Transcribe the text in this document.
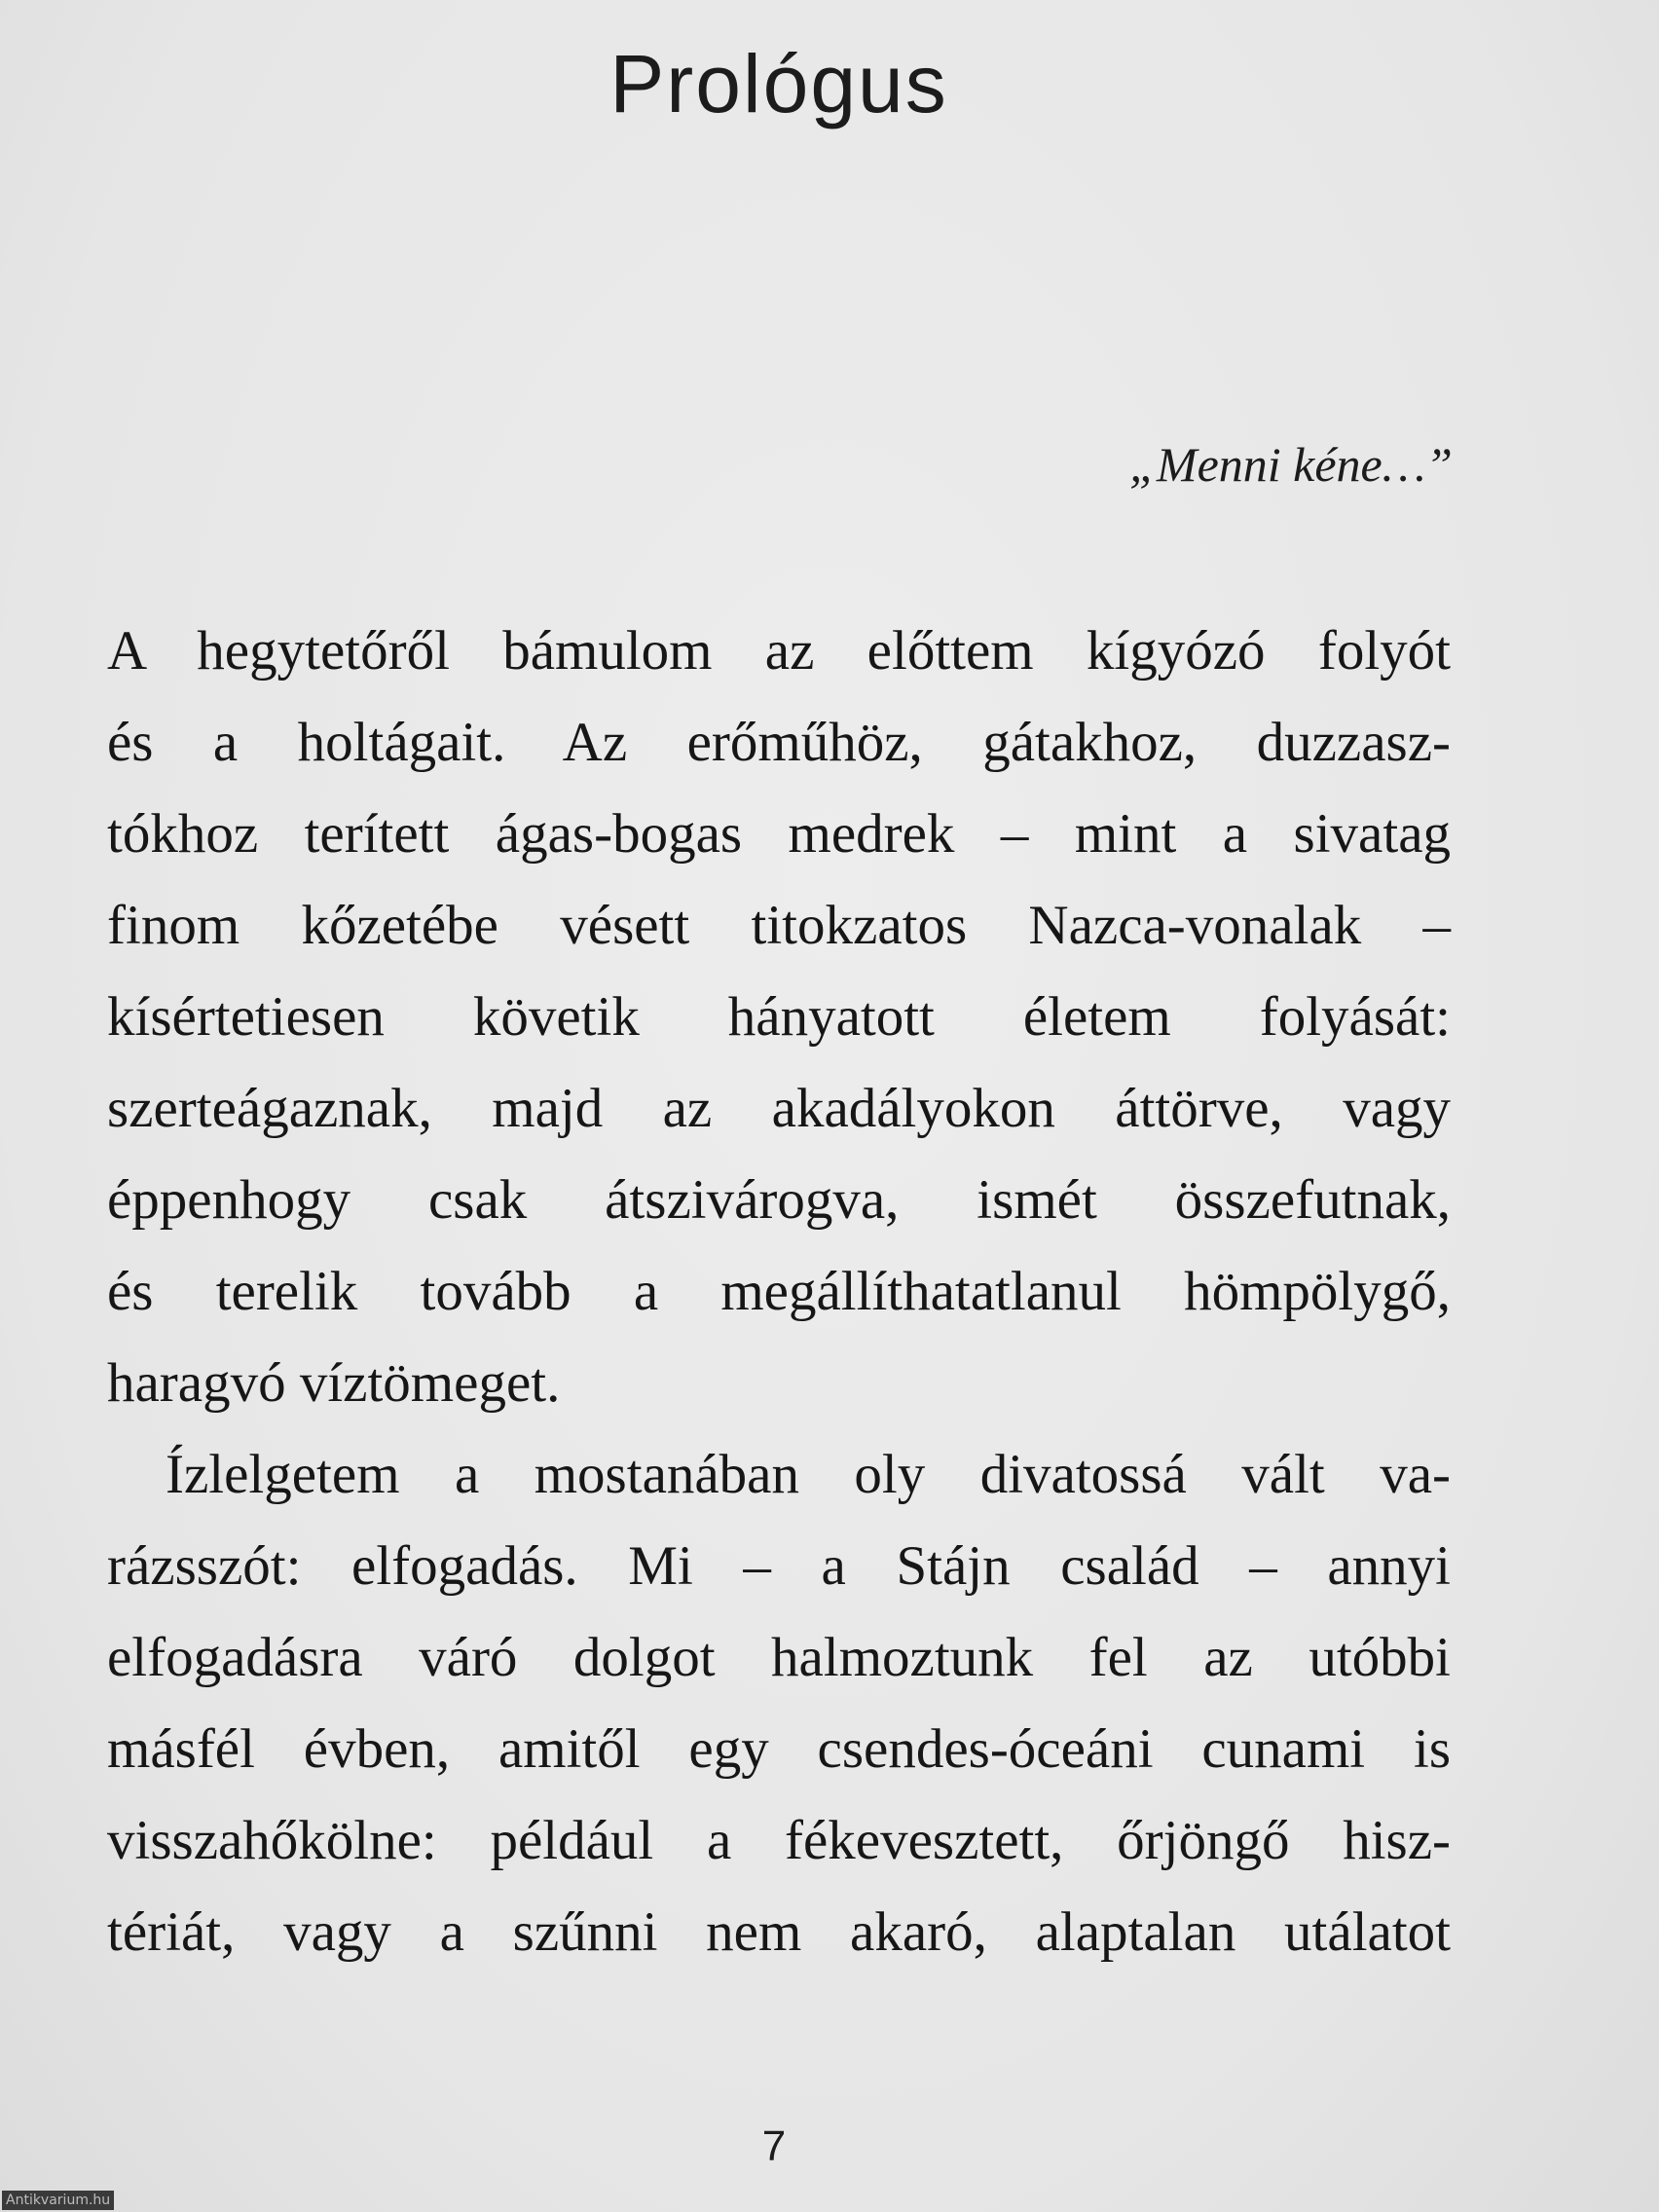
Prológus
„Menni kéne…”
A hegytetőről bámulom az előttem kígyózó folyót
és a holtágait. Az erőműhöz, gátakhoz, duzzasz-
tókhoz terített ágas-bogas medrek – mint a sivatag
finom kőzetébe vésett titokzatos Nazca-vonalak –
kísértetiesen követik hányatott életem folyását:
szerteágaznak, majd az akadályokon áttörve, vagy
éppenhogy csak átszivárogva, ismét összefutnak,
és terelik tovább a megállíthatatlanul hömpölygő,
haragvó víztömeget.
Ízlelgetem a mostanában oly divatossá vált va-
rázsszót: elfogadás. Mi – a Stájn család – annyi
elfogadásra váró dolgot halmoztunk fel az utóbbi
másfél évben, amitől egy csendes-óceáni cunami is
visszahőkölne: például a fékevesztett, őrjöngő hisz-
tériát, vagy a szűnni nem akaró, alaptalan utálatot
7
Antikvarium.hu
